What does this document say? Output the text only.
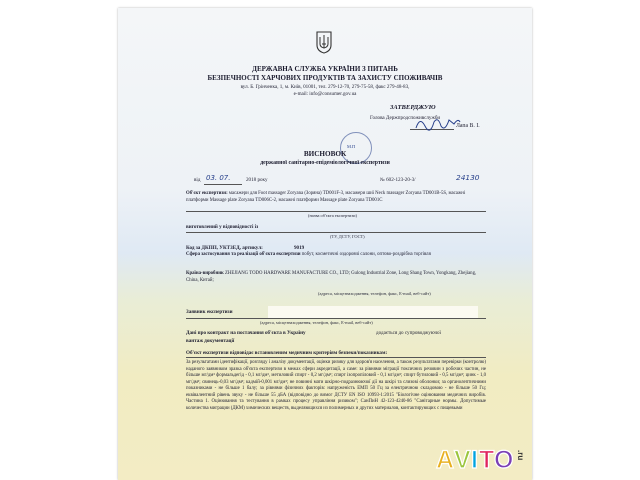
ДЕРЖАВНА СЛУЖБА УКРАЇНИ З ПИТАНЬ
БЕЗПЕЧНОСТІ ХАРЧОВИХ ПРОДУКТІВ ТА ЗАХИСТУ СПОЖИВАЧІВ
вул. Б. Грінченка, 1, м. Київ, 01001, тел. 279-12-70, 279-75-58, факс 279-48-83,
e-mail: info@consumer.gov.ua
ЗАТВЕРДЖУЮ
Голова Держпродспоживслужби
Лапа В. І.
М.П
ВИСНОВОК
державної санітарно-епідеміологічної експертизи
від 03. 07.	2018 року	№ 602-123-20-3/	24130
Об'єкт експертизи: масажери для Foot massager Zoryana (Зоряна) TD001F-3, масажери шиї Neck massager Zoryana TD001B-5S, масажні платформи Massage plate Zoryana TD006C-2, масажні платформи Massage plate Zoryana TD001C
(назва об'єкта експертизи)
виготовлений у відповідності із
(ТУ, ДСТУ, ГОСТ)
Код за ДКПП, УКТЗЕД, артикул:	9019
Сфера застосування та реалізації об'єкта експертизи побут, косметичні оздоровчі салони, оптово-роздрібна торгівля
Країна-виробник ZHEJIANG TODO HARDWARE MANUFACTURE CO., LTD; Gulong Industrial Zone, Long Shang Town, Yongkang, Zhejiang, China, Китай;
(адреса, місцезнаходження, телефон, факс, E-mail, веб-сайт)
Заявник експертизи
(адреса, місцезнаходження, телефон, факс, E-mail, веб-сайт)
Дані про контракт на постачання об'єкта в Україну	додається до супроводжуючої
вантаж документації
Об'єкт експертизи відповідає встановленим медичним критеріям безпеки/показникам:
За результатами ідентифікації, розгляду і аналізу документації, оцінки ризику для здоров'я населення, а також результатами перевірки (контролю) наданого заявником зразка об'єкта експертизи в межах сфери акредитації, а саме: за рівнями міграції токсичних речовин з робочих частин, не більше мг/дм³ формальдегід - 0,1 мг/дм³, метиловий спирт - 0,2 мг/дм³; спирт ізопропіловий - 0,1 мг/дм³; спирт бутиловий - 0,5 мг/дм³; цинк - 1,0 мг/дм³; свинець-0,03 мг/дм³; кадмій-0,001 мг/дм³; не повинні мати шкірно-подразнюючої дії на шкірі та слизові оболонки; за органолептичними показниками - не більше 1 балу; за рівнями фізичних факторів: напруженість ЕМП 50 Гц за електричною складовою - не більше 50 Гц; еквівалентний рівень звуку - не більше 55 дБА (відповідно до вимог ДСТУ EN ISO 10993-1:2015 "Біологічне оцінювання медичних виробів. Частина 1. Оцінювання та тестування в рамках процесу управління ризиком"; СанПиН 42-123-4240-86 "Санітарные нормы. Допустимые количества миграции (ДКМ) химических веществ, выделяющихся из полимерных и других материалов, контактирующих с пищевыми
A V I T O .ru
